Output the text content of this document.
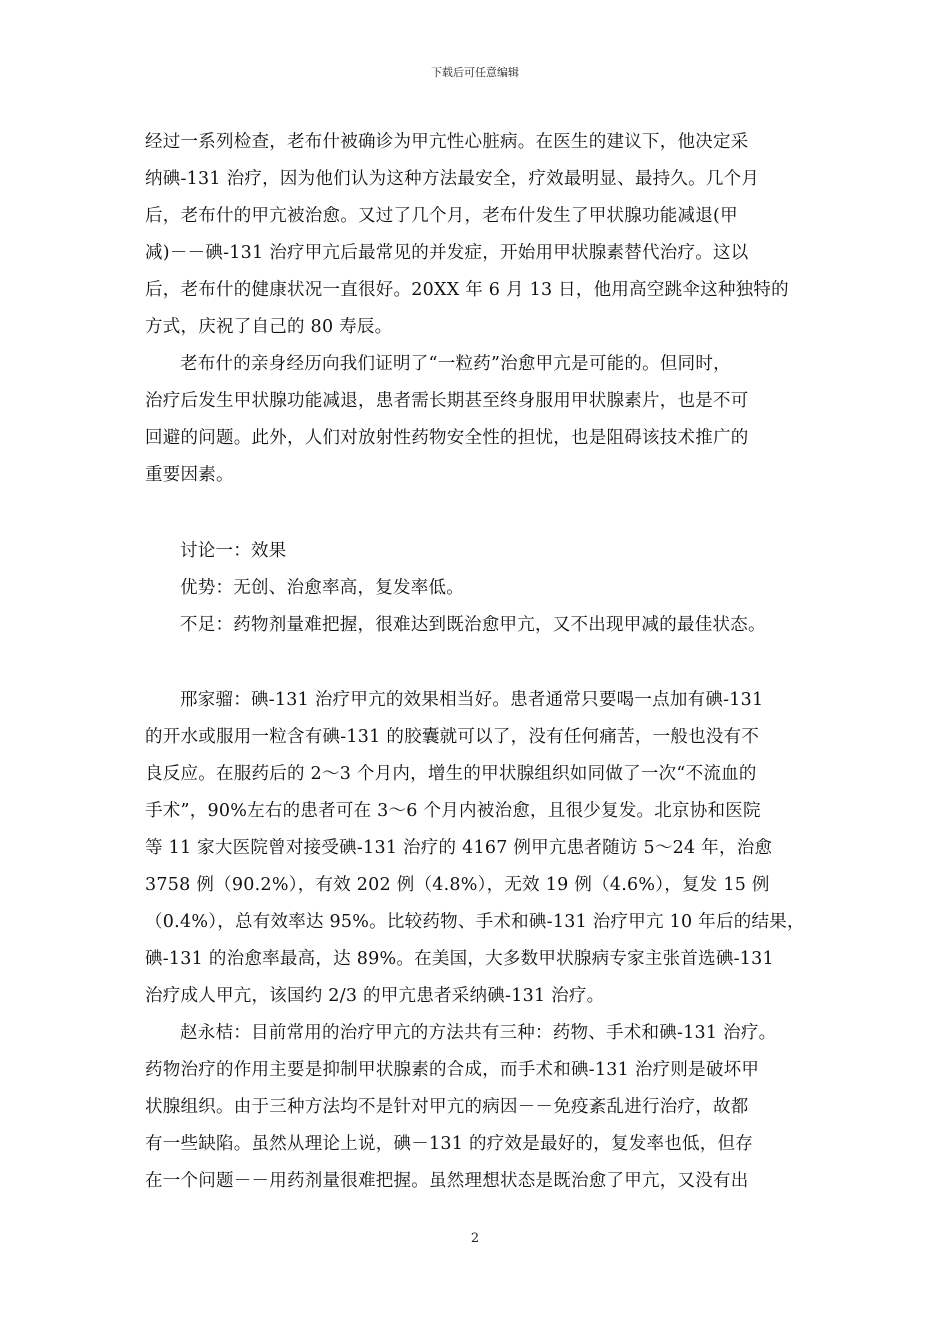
下载后可任意编辑
经过一系列检查，老布什被确诊为甲亢性心脏病。在医生的建议下，他决定采
纳碘-131 治疗，因为他们认为这种方法最安全，疗效最明显、最持久。几个月
后，老布什的甲亢被治愈。又过了几个月，老布什发生了甲状腺功能减退(甲
减)－－碘-131 治疗甲亢后最常见的并发症，开始用甲状腺素替代治疗。这以
后，老布什的健康状况一直很好。20XX 年 6 月 13 日，他用高空跳伞这种独特的
方式，庆祝了自己的 80 寿辰。
老布什的亲身经历向我们证明了“一粒药”治愈甲亢是可能的。但同时，
治疗后发生甲状腺功能减退，患者需长期甚至终身服用甲状腺素片，也是不可
回避的问题。此外，人们对放射性药物安全性的担忧，也是阻碍该技术推广的
重要因素。
讨论一：效果
优势：无创、治愈率高，复发率低。
不足：药物剂量难把握，很难达到既治愈甲亢，又不出现甲减的最佳状态。
邢家骝：碘-131 治疗甲亢的效果相当好。患者通常只要喝一点加有碘-131
的开水或服用一粒含有碘-131 的胶囊就可以了，没有任何痛苦，一般也没有不
良反应。在服药后的 2～3 个月内，增生的甲状腺组织如同做了一次“不流血的
手术”，90%左右的患者可在 3～6 个月内被治愈，且很少复发。北京协和医院
等 11 家大医院曾对接受碘-131 治疗的 4167 例甲亢患者随访 5～24 年，治愈
3758 例（90.2%），有效 202 例（4.8%），无效 19 例（4.6%），复发 15 例
（0.4%），总有效率达 95%。比较药物、手术和碘-131 治疗甲亢 10 年后的结果，
碘-131 的治愈率最高，达 89%。在美国，大多数甲状腺病专家主张首选碘-131
治疗成人甲亢，该国约 2/3 的甲亢患者采纳碘-131 治疗。
赵永桔：目前常用的治疗甲亢的方法共有三种：药物、手术和碘-131 治疗。
药物治疗的作用主要是抑制甲状腺素的合成，而手术和碘-131 治疗则是破坏甲
状腺组织。由于三种方法均不是针对甲亢的病因－－免疫紊乱进行治疗，故都
有一些缺陷。虽然从理论上说，碘－131 的疗效是最好的，复发率也低，但存
在一个问题－－用药剂量很难把握。虽然理想状态是既治愈了甲亢，又没有出
2
